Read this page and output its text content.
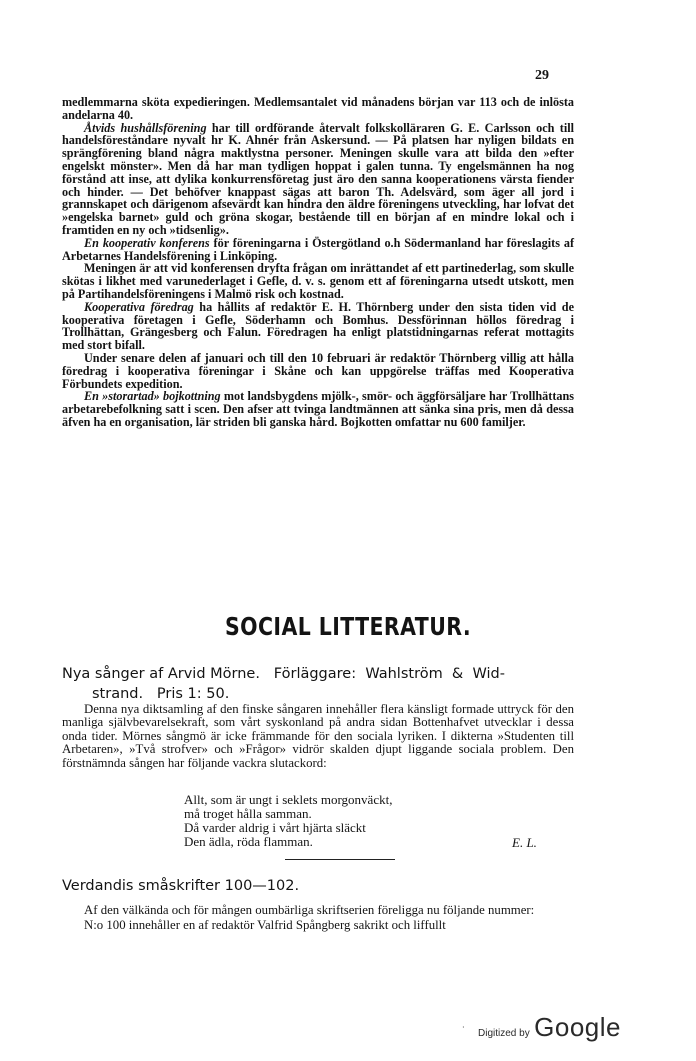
29

medlemmarna sköta expedieringen. Medlemsantalet vid månadens början var 113 och de inlösta andelarna 40.

Åtvids hushållsförening har till ordförande återvalt folkskolläraren G. E. Carlsson och till handelsföreståndare nyvalt hr K. Ahnér från Askersund. — På platsen har nyligen bildats en sprängförening bland några maktlystna personer. Meningen skulle vara att bilda den »efter engelskt mönster». Men då har man tydligen hoppat i galen tunna. Ty engelsmännen ha nog förstånd att inse, att dylika konkurrensföretag just äro den sanna kooperationens värsta fiender och hinder. — Det behöfver knappast sägas att baron Th. Adelsvärd, som äger all jord i grannskapet och därigenom afsevärdt kan hindra den äldre föreningens utveckling, har lofvat det »engelska barnet» guld och gröna skogar, bestående till en början af en mindre lokal och i framtiden en ny och »tidsenlig».

En kooperativ konferens för föreningarna i Östergötland o.h Södermanland har föreslagits af Arbetarnes Handelsförening i Linköping.

Meningen är att vid konferensen dryfta frågan om inrättandet af ett partinederlag, som skulle skötas i likhet med varunederlaget i Gefle, d. v. s. genom ett af föreningarna utsedt utskott, men på Partihandelsföreningens i Malmö risk och kostnad.

Kooperativa föredrag ha hållits af redaktör E. H. Thörnberg under den sista tiden vid de kooperativa företagen i Gefle, Söderhamn och Bomhus. Dessförinnan höllos föredrag i Trollhättan, Grängesberg och Falun. Föredragen ha enligt platstidningarnas referat mottagits med stort bifall.

Under senare delen af januari och till den 10 februari är redaktör Thörnberg villig att hålla föredrag i kooperativa föreningar i Skåne och kan uppgörelse träffas med Kooperativa Förbundets expedition.

En »storartad» bojkottning mot landsbygdens mjölk-, smör- och äggförsäljare har Trollhättans arbetarebefolkning satt i scen. Den afser att tvinga landtmännen att sänka sina pris, men då dessa äfven ha en organisation, lär striden bli ganska hård. Bojkotten omfattar nu 600 familjer.

SOCIAL LITTERATUR.
Nya sånger af Arvid Mörne.   Förläggare:  Wahlström  &  Wid-
strand.   Pris 1: 50.

Denna nya diktsamling af den finske sångaren innehåller flera känsligt formade uttryck för den manliga självbevarelsekraft, som vårt syskonland på andra sidan Bottenhafvet utvecklar i dessa onda tider. Mörnes sångmö är icke främmande för den sociala lyriken. I dikterna »Studenten till Arbetaren», »Två strofver» och »Frågor» vidrör skalden djupt liggande sociala problem. Den förstnämnda sången har följande vackra slutackord:

Allt, som är ungt i seklets morgonväckt,
må troget hålla samman.
Då varder aldrig i vårt hjärta släckt
Den ädla, röda flamman.	E. L.
Verdandis småskrifter 100—102.

Af den välkända och för mången oumbärliga skriftserien föreligga nu följande nummer:

N:o 100 innehåller en af redaktör Valfrid Spångberg sakrikt och liffullt

·
Digitized by Google
